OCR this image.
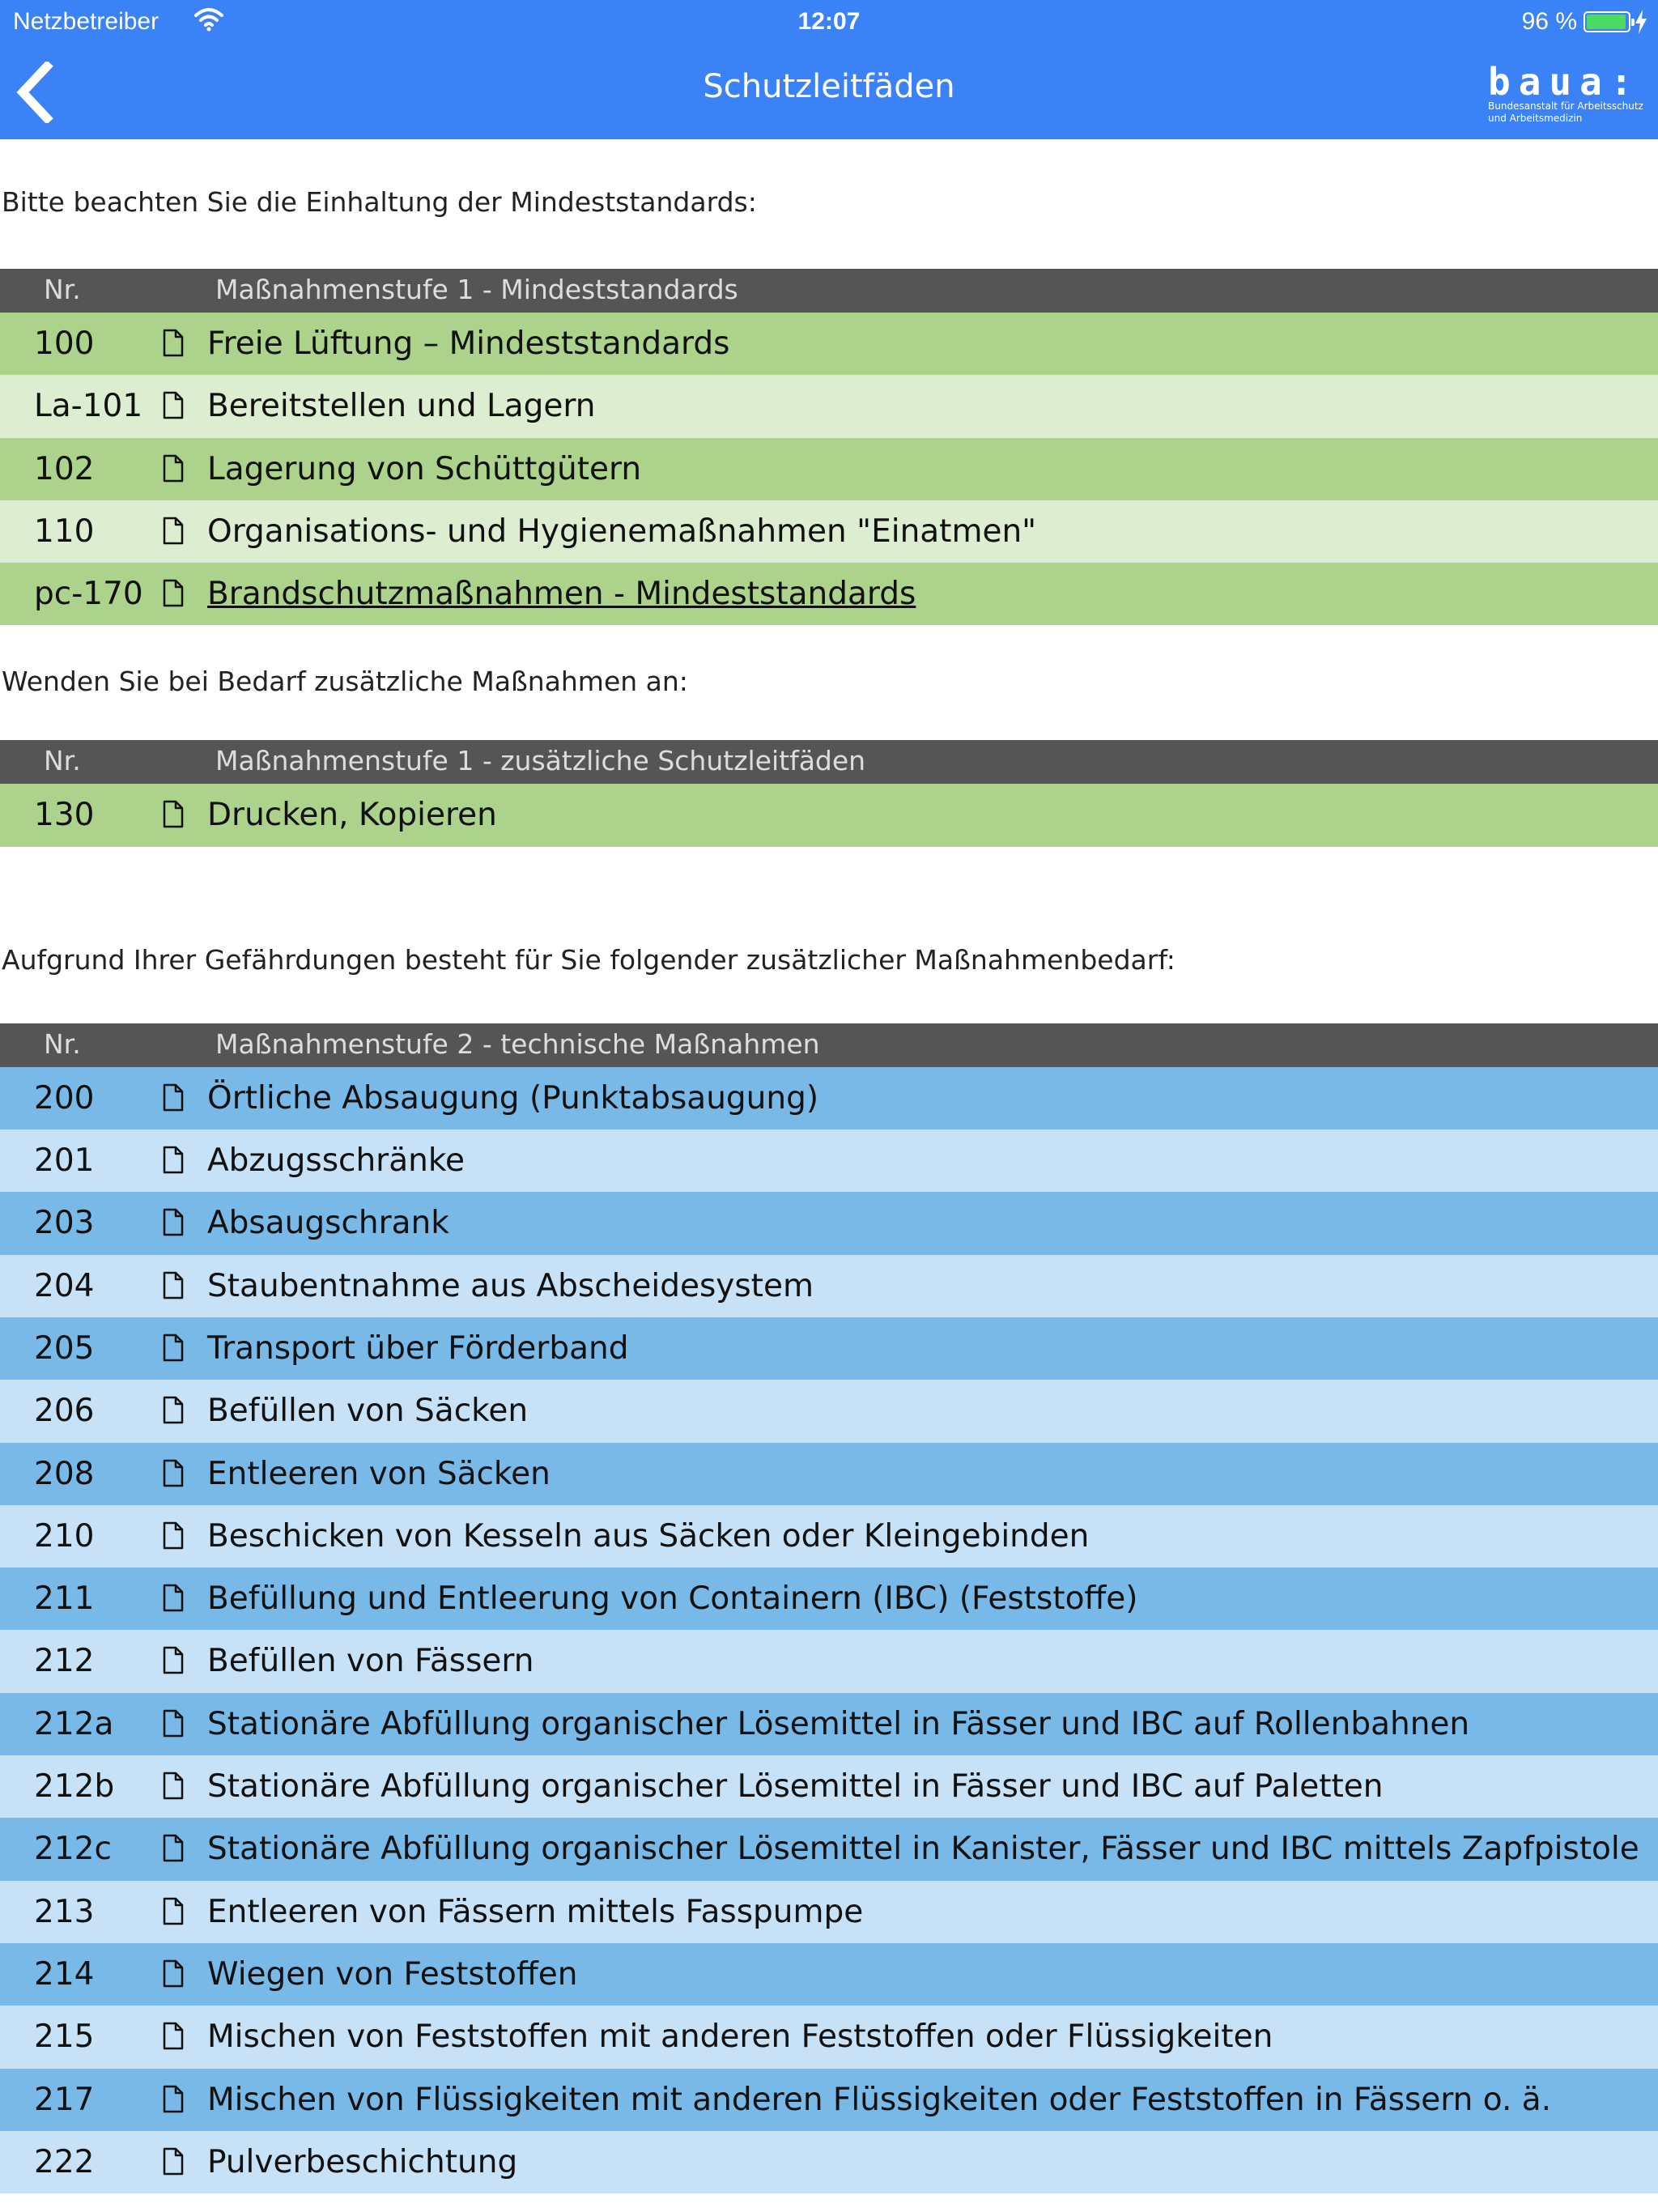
Netzbetreiber	12:07	96 %
Schutzleitfäden	baua:
Bundesanstalt für Arbeitsschutz
und Arbeitsmedizin
Bitte beachten Sie die Einhaltung der Mindeststandards:
Nr.	Maßnahmenstufe 1 - Mindeststandards
100	Freie Lüftung – Mindeststandards
La-101 Bereitstellen und Lagern
102	Lagerung von Schüttgütern
110	Organisations- und Hygienemaßnahmen "Einatmen"
pc-170 Brandschutzmaßnahmen - Mindeststandards
Wenden Sie bei Bedarf zusätzliche Maßnahmen an:
Nr.	Maßnahmenstufe 1 - zusätzliche Schutzleitfäden
130	Drucken, Kopieren
Aufgrund Ihrer Gefährdungen besteht für Sie folgender zusätzlicher Maßnahmenbedarf:
Nr.	Maßnahmenstufe 2 - technische Maßnahmen
200	Örtliche Absaugung (Punktabsaugung)
201	Abzugsschränke
203	Absaugschrank
204	Staubentnahme aus Abscheidesystem
205	Transport über Förderband
206	Befüllen von Säcken
208	Entleeren von Säcken
210	Beschicken von Kesseln aus Säcken oder Kleingebinden
211	Befüllung und Entleerung von Containern (IBC) (Feststoffe)
212	Befüllen von Fässern
212a	Stationäre Abfüllung organischer Lösemittel in Fässer und IBC auf Rollenbahnen
212b	Stationäre Abfüllung organischer Lösemittel in Fässer und IBC auf Paletten
212c	Stationäre Abfüllung organischer Lösemittel in Kanister, Fässer und IBC mittels Zapfpistole
213	Entleeren von Fässern mittels Fasspumpe
214	Wiegen von Feststoffen
215	Mischen von Feststoffen mit anderen Feststoffen oder Flüssigkeiten
217	Mischen von Flüssigkeiten mit anderen Flüssigkeiten oder Feststoffen in Fässern o. ä.
222	Pulverbeschichtung
